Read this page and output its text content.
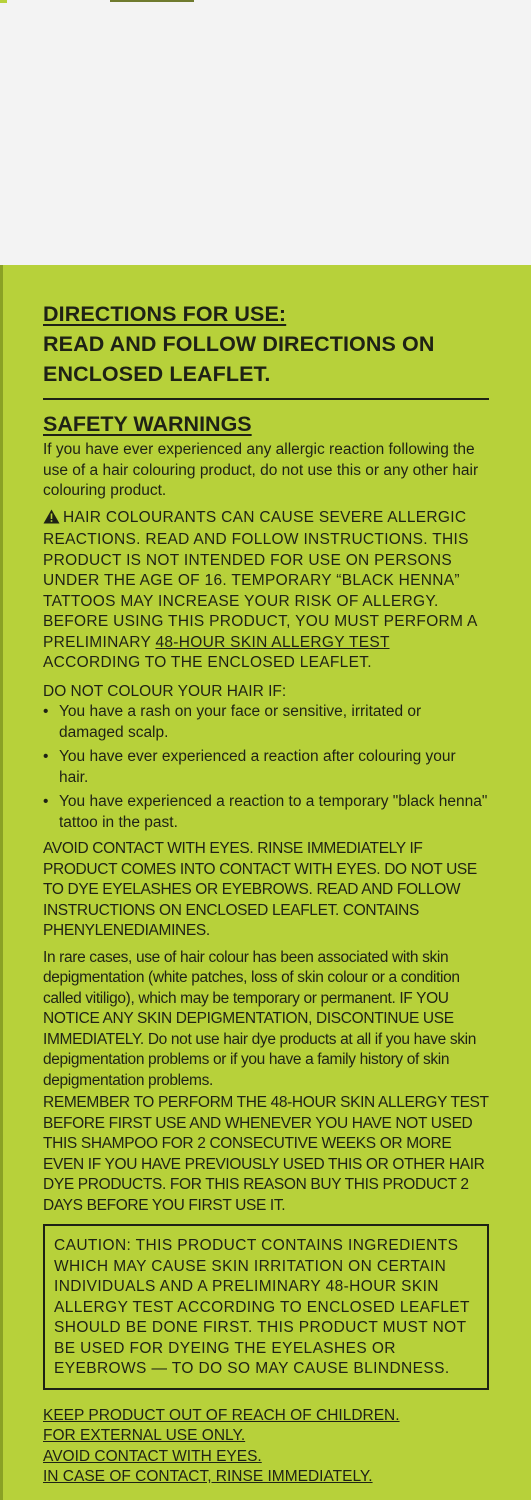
DIRECTIONS FOR USE:

READ AND FOLLOW DIRECTIONS ON

ENCLOSED LEAFLET.

SAFETY WARNINGS

If you have ever experienced any allergic reaction following the use of a hair colouring product, do not use this or any other hair colouring product.

HAIR COLOURANTS CAN CAUSE SEVERE ALLERGIC REACTIONS. READ AND FOLLOW INSTRUCTIONS. THIS PRODUCT IS NOT INTENDED FOR USE ON PERSONS UNDER THE AGE OF 16. TEMPORARY “BLACK HENNA” TATTOOS MAY INCREASE YOUR RISK OF ALLERGY. BEFORE USING THIS PRODUCT, YOU MUST PERFORM A PRELIMINARY 48-HOUR SKIN ALLERGY TEST ACCORDING TO THE ENCLOSED LEAFLET.

DO NOT COLOUR YOUR HAIR IF:

• You have a rash on your face or sensitive, irritated or damaged scalp.
• You have ever experienced a reaction after colouring your hair.
• You have experienced a reaction to a temporary "black henna" tattoo in the past.

AVOID CONTACT WITH EYES. RINSE IMMEDIATELY IF PRODUCT COMES INTO CONTACT WITH EYES. DO NOT USE TO DYE EYELASHES OR EYEBROWS. READ AND FOLLOW INSTRUCTIONS ON ENCLOSED LEAFLET. CONTAINS PHENYLENEDIAMINES.

In rare cases, use of hair colour has been associated with skin depigmentation (white patches, loss of skin colour or a condition called vitiligo), which may be temporary or permanent. IF YOU NOTICE ANY SKIN DEPIGMENTATION, DISCONTINUE USE IMMEDIATELY. Do not use hair dye products at all if you have skin depigmentation problems or if you have a family history of skin depigmentation problems.

REMEMBER TO PERFORM THE 48-HOUR SKIN ALLERGY TEST BEFORE FIRST USE AND WHENEVER YOU HAVE NOT USED THIS SHAMPOO FOR 2 CONSECUTIVE WEEKS OR MORE EVEN IF YOU HAVE PREVIOUSLY USED THIS OR OTHER HAIR DYE PRODUCTS. FOR THIS REASON BUY THIS PRODUCT 2 DAYS BEFORE YOU FIRST USE IT.

CAUTION: THIS PRODUCT CONTAINS INGREDIENTS WHICH MAY CAUSE SKIN IRRITATION ON CERTAIN INDIVIDUALS AND A PRELIMINARY 48-HOUR SKIN ALLERGY TEST ACCORDING TO ENCLOSED LEAFLET SHOULD BE DONE FIRST. THIS PRODUCT MUST NOT BE USED FOR DYEING THE EYELASHES OR EYEBROWS — TO DO SO MAY CAUSE BLINDNESS.

KEEP PRODUCT OUT OF REACH OF CHILDREN.

FOR EXTERNAL USE ONLY.

AVOID CONTACT WITH EYES.

IN CASE OF CONTACT, RINSE IMMEDIATELY.
